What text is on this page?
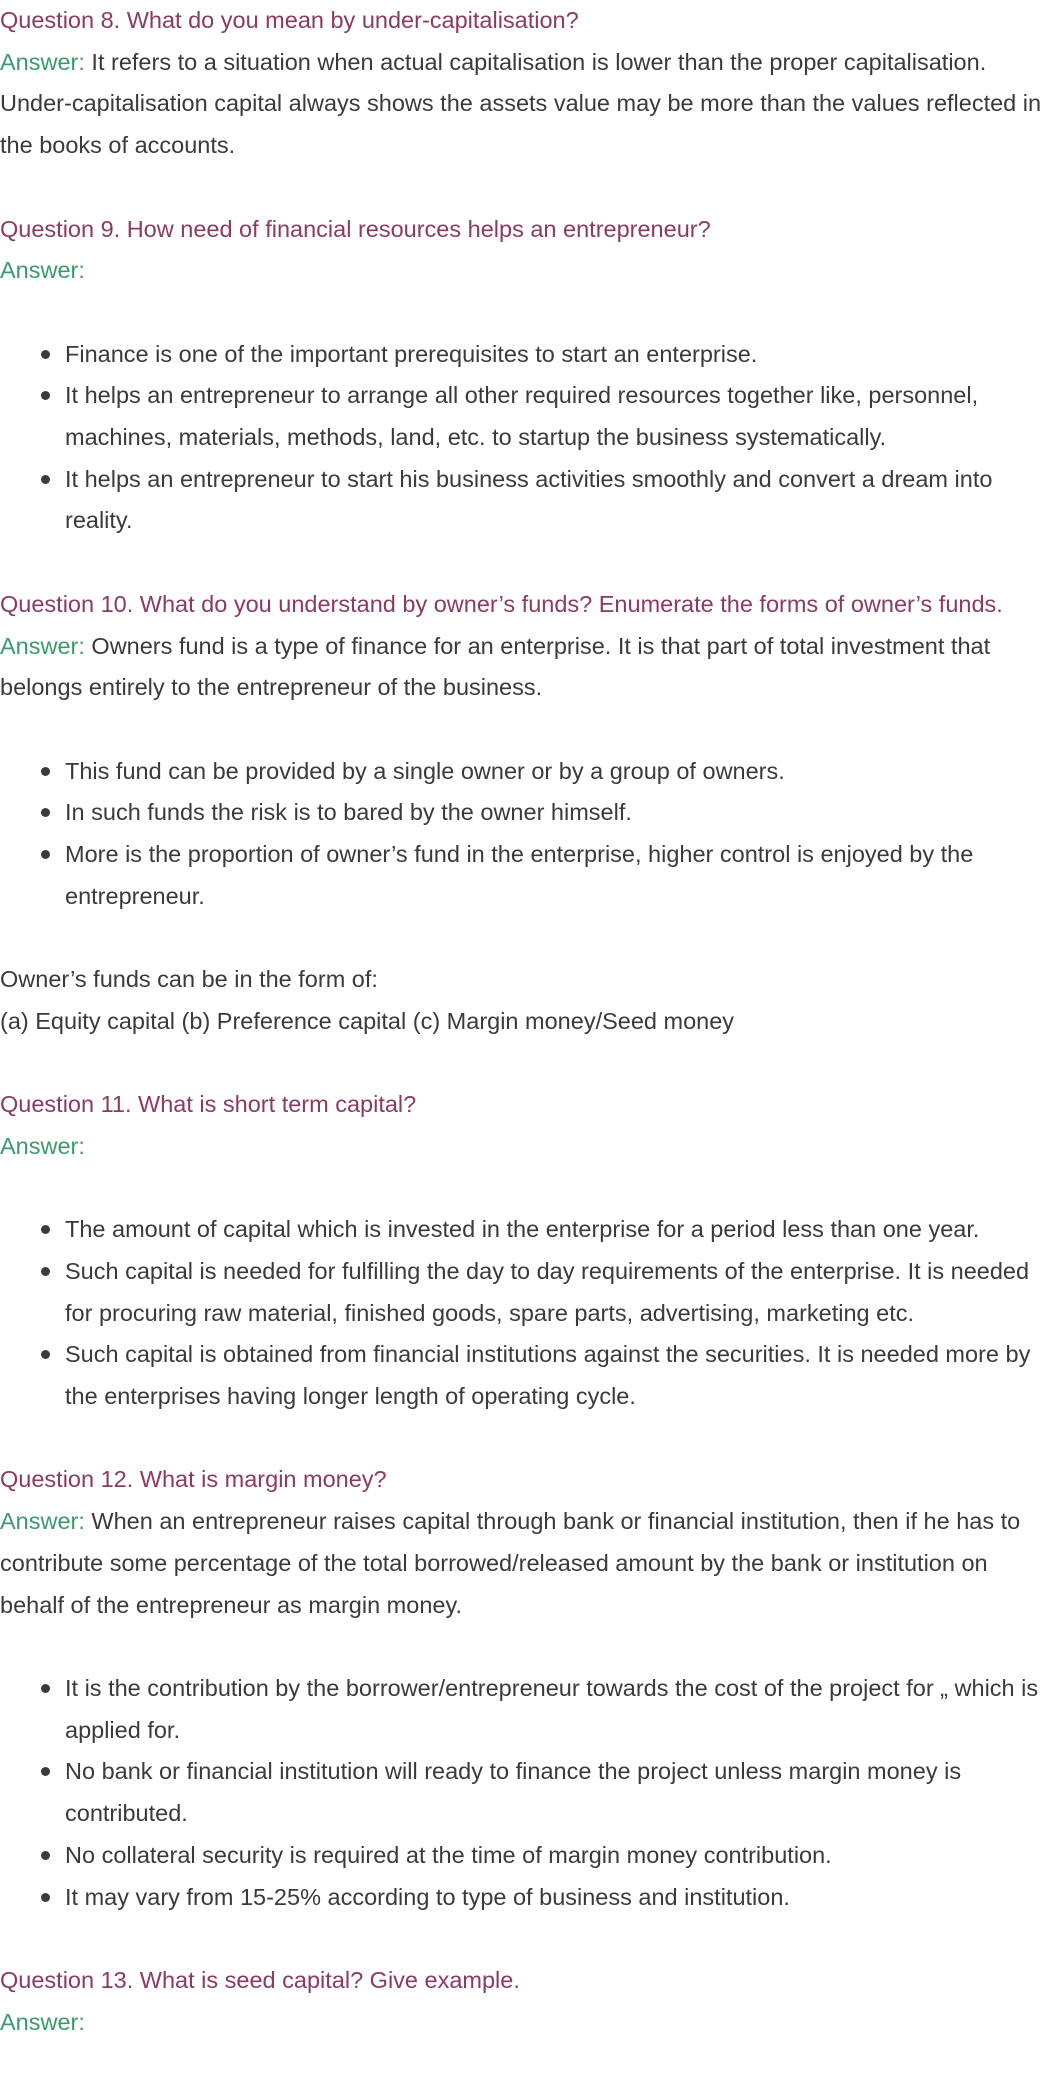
Question 8. What do you mean by under-capitalisation?

Answer: It refers to a situation when actual capitalisation is lower than the proper capitalisation. Under-capitalisation capital always shows the assets value may be more than the values reflected in the books of accounts.

Question 9. How need of financial resources helps an entrepreneur?

Answer:

Finance is one of the important prerequisites to start an enterprise.
It helps an entrepreneur to arrange all other required resources together like, personnel, machines, materials, methods, land, etc. to startup the business systematically.
It helps an entrepreneur to start his business activities smoothly and convert a dream into reality.

Question 10. What do you understand by owner’s funds? Enumerate the forms of owner’s funds.

Answer: Owners fund is a type of finance for an enterprise. It is that part of total investment that belongs entirely to the entrepreneur of the business.

This fund can be provided by a single owner or by a group of owners.
In such funds the risk is to bared by the owner himself.
More is the proportion of owner’s fund in the enterprise, higher control is enjoyed by the entrepreneur.

Owner’s funds can be in the form of:

(a) Equity capital (b) Preference capital (c) Margin money/Seed money

Question 11. What is short term capital?

Answer:

The amount of capital which is invested in the enterprise for a period less than one year.
Such capital is needed for fulfilling the day to day requirements of the enterprise. It is needed for procuring raw material, finished goods, spare parts, advertising, marketing etc.
Such capital is obtained from financial institutions against the securities. It is needed more by the enterprises having longer length of operating cycle.

Question 12. What is margin money?

Answer: When an entrepreneur raises capital through bank or financial institution, then if he has to contribute some percentage of the total borrowed/released amount by the bank or institution on behalf of the entrepreneur as margin money.

It is the contribution by the borrower/entrepreneur towards the cost of the project for „ which is applied for.
No bank or financial institution will ready to finance the project unless margin money is contributed.
No collateral security is required at the time of margin money contribution.
It may vary from 15-25% according to type of business and institution.

Question 13. What is seed capital? Give example.

Answer:
